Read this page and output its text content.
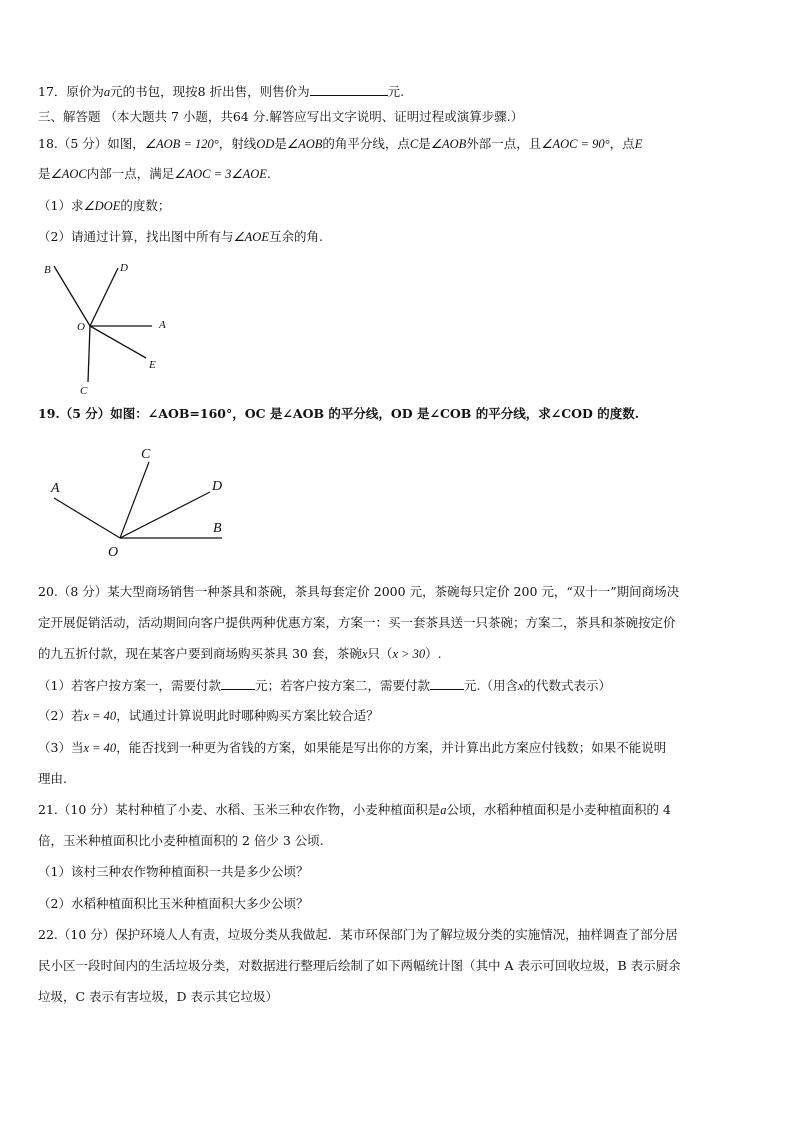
17．原价为a元的书包，现按8 折出售，则售价为	元.
三、解答题 （本大题共 7 小题，共64 分.解答应写出文字说明、证明过程或演算步骤.）
18.（5 分）如图，∠AOB = 120°，射线OD是∠AOB的角平分线，点C是∠AOB外部一点，且∠AOC = 90°，点E
是∠AOC内部一点，满足∠AOC = 3∠AOE.
（1）求∠DOE的度数；
（2）请通过计算，找出图中所有与∠AOE互余的角.
B	D
O	A
E
C
19.（5 分）如图：∠AOB=160°，OC 是∠AOB 的平分线，OD 是∠COB 的平分线，求∠COD 的度数.
C
A	D
B
O
20.（8 分）某大型商场销售一种茶具和茶碗，茶具每套定价 2000 元，茶碗每只定价 200 元，“双十一”期间商场决
定开展促销活动，活动期间向客户提供两种优惠方案，方案一：买一套茶具送一只茶碗；方案二，茶具和茶碗按定价
的九五折付款，现在某客户要到商场购买茶具 30 套，茶碗x只（x > 30）.
（1）若客户按方案一，需要付款	元；若客户按方案二，需要付款	元.（用含x的代数式表示）
（2）若x = 40，试通过计算说明此时哪种购买方案比较合适？
（3）当x = 40，能否找到一种更为省钱的方案，如果能是写出你的方案，并计算出此方案应付钱数；如果不能说明
理由.
21.（10 分）某村种植了小麦、水稻、玉米三种农作物，小麦种植面积是a公顷，水稻种植面积是小麦种植面积的 4
倍，玉米种植面积比小麦种植面积的 2 倍少 3 公顷.
（1）该村三种农作物种植面积一共是多少公顷？
（2）水稻种植面积比玉米种植面积大多少公顷？
22.（10 分）保护环境人人有责，垃圾分类从我做起．某市环保部门为了解垃圾分类的实施情况，抽样调查了部分居
民小区一段时间内的生活垃圾分类，对数据进行整理后绘制了如下两幅统计图（其中 A 表示可回收垃圾，B 表示厨余
垃圾，C 表示有害垃圾，D 表示其它垃圾）
